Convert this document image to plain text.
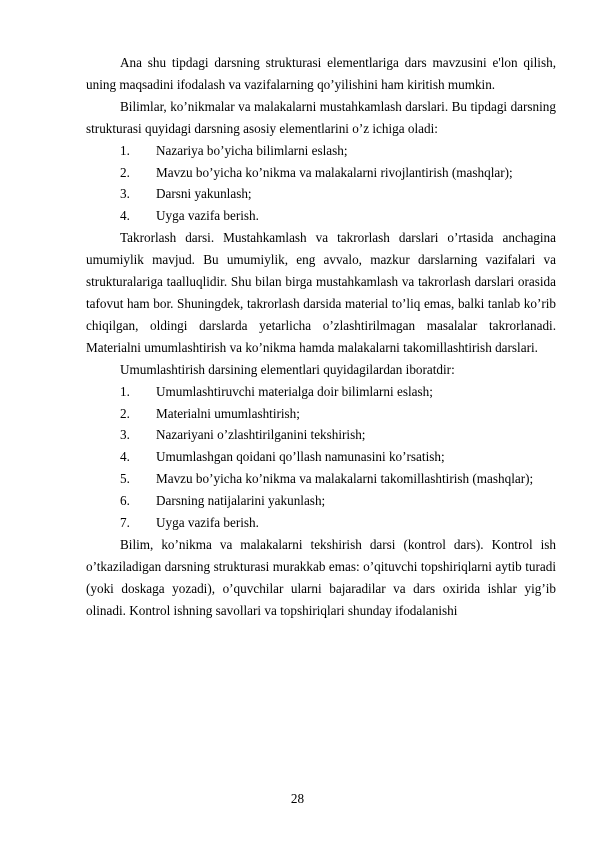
Ana shu tipdagi darsning strukturasi elementlariga dars mavzusini e'lon qilish, uning maqsadini ifodalash va vazifalarning qo’yilishini ham kiritish mumkin.

Bilimlar, ko’nikmalar va malakalarni mustahkamlash darslari. Bu tipdagi darsning strukturasi quyidagi darsning asosiy elementlarini o’z ichiga oladi:

1.	Nazariya bo’yicha bilimlarni eslash;
2.	Mavzu bo’yicha ko’nikma va malakalarni rivojlantirish (mashqlar);
3.	Darsni yakunlash;
4.	Uyga vazifa berish.

Takrorlash darsi. Mustahkamlash va takrorlash darslari o’rtasida anchagina umumiylik mavjud. Bu umumiylik, eng avvalo, mazkur darslarning vazifalari va strukturalariga taalluqlidir. Shu bilan birga mustahkamlash va takrorlash darslari orasida tafovut ham bor. Shuningdek, takrorlash darsida material to’liq emas, balki tanlab ko’rib chiqilgan, oldingi darslarda yetarlicha o’zlashtirilmagan masalalar takrorlanadi. Materialni umumlashtirish va ko’nikma hamda malakalarni takomillashtirish darslari.

Umumlashtirish darsining elementlari quyidagilardan iboratdir:

1.	Umumlashtiruvchi materialga doir bilimlarni eslash;
2.	Materialni umumlashtirish;
3.	Nazariyani o’zlashtirilganini tekshirish;
4.	Umumlashgan qoidani qo’llash namunasini ko’rsatish;
5. Mavzu bo’yicha ko’nikma va malakalarni takomillashtirish (mashqlar);
6.	Darsning natijalarini yakunlash;
7.	Uyga vazifa berish.

Bilim, ko’nikma va malakalarni tekshirish darsi (kontrol dars). Kontrol ish o’tkaziladigan darsning strukturasi murakkab emas: o’qituvchi topshiriqlarni aytib turadi (yoki doskaga yozadi), o’quvchilar ularni bajaradilar va dars oxirida ishlar yig’ib olinadi. Kontrol ishning savollari va topshiriqlari shunday ifodalanishi

28
